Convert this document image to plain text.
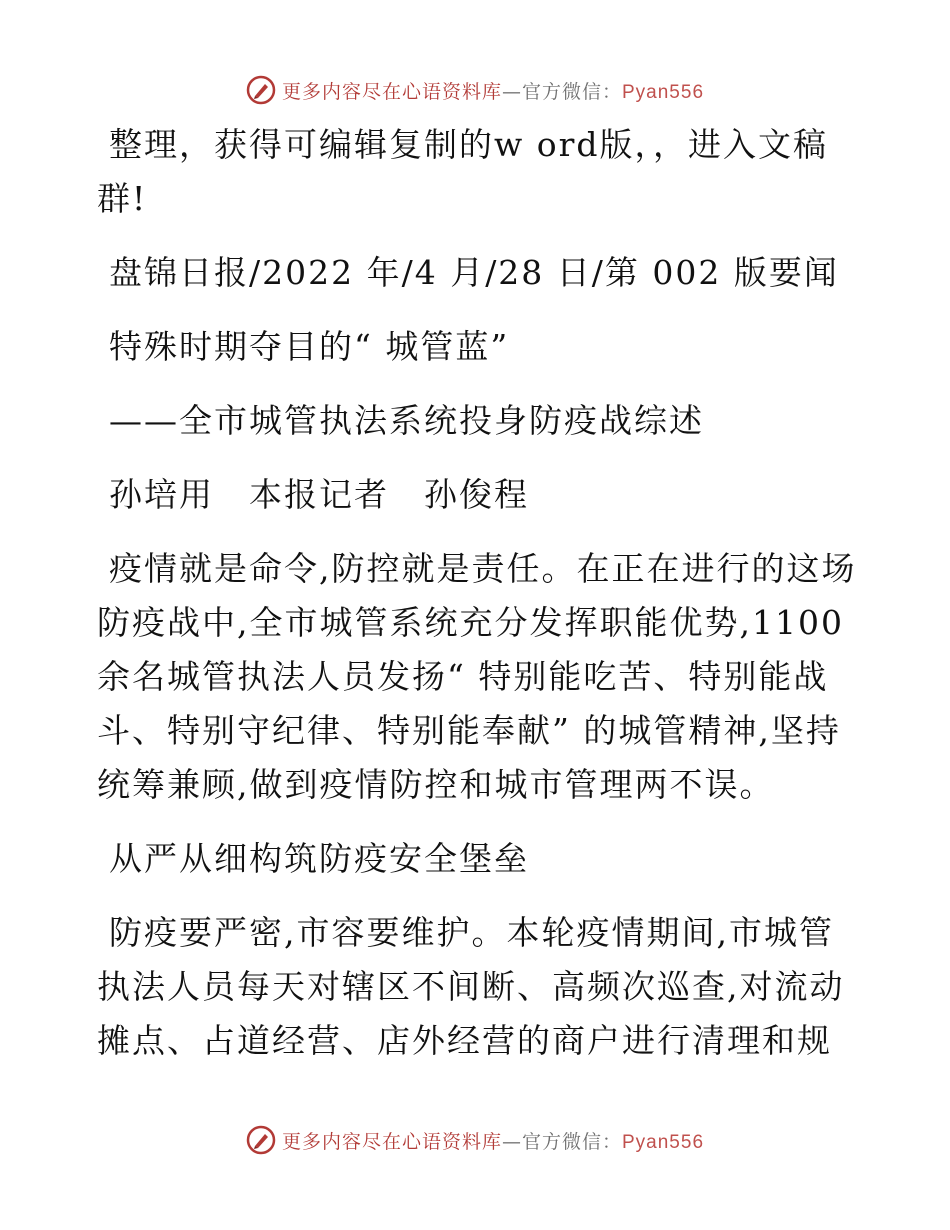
更多内容尽在心语资料库—官方微信：Pyan556

整理，获得可编辑复制的w ord版，，进入文稿群!

盘锦日报/2022 年/4 月/28 日/第 002 版要闻

特殊时期夺目的“ 城管蓝”

——全市城管执法系统投身防疫战综述

孙培用　本报记者　孙俊程

疫情就是命令,防控就是责任。在正在进行的这场防疫战中,全市城管系统充分发挥职能优势,1100余名城管执法人员发扬“ 特别能吃苦、特别能战斗、特别守纪律、特别能奉献” 的城管精神,坚持统筹兼顾,做到疫情防控和城市管理两不误。

从严从细构筑防疫安全堡垒

防疫要严密,市容要维护。本轮疫情期间,市城管执法人员每天对辖区不间断、高频次巡查,对流动摊点、占道经营、店外经营的商户进行清理和规

更多内容尽在心语资料库—官方微信：Pyan556
